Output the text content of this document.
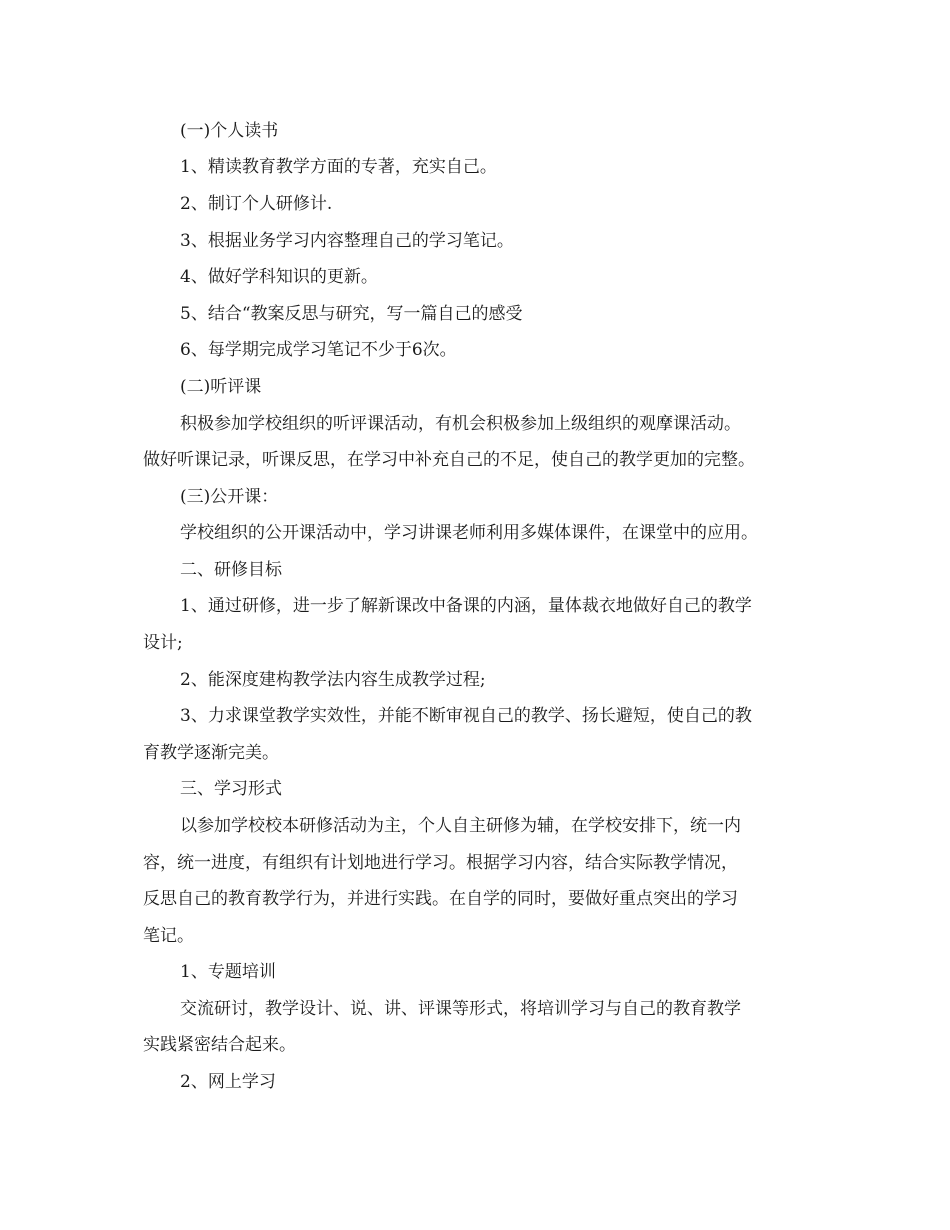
(一)个人读书

1、精读教育教学方面的专著，充实自己。

2、制订个人研修计.

3、根据业务学习内容整理自己的学习笔记。

4、做好学科知识的更新。

5、结合“教案反思与研究，写一篇自己的感受

6、每学期完成学习笔记不少于6次。

(二)听评课

积极参加学校组织的听评课活动，有机会积极参加上级组织的观摩课活动。

做好听课记录，听课反思，在学习中补充自己的不足，使自己的教学更加的完整。

(三)公开课：

学校组织的公开课活动中，学习讲课老师利用多媒体课件，在课堂中的应用。

二、研修目标

1、通过研修，进一步了解新课改中备课的内涵，量体裁衣地做好自己的教学

设计;

2、能深度建构教学法内容生成教学过程;

3、力求课堂教学实效性，并能不断审视自己的教学、扬长避短，使自己的教

育教学逐渐完美。

三、学习形式

以参加学校校本研修活动为主，个人自主研修为辅，在学校安排下，统一内

容，统一进度，有组织有计划地进行学习。根据学习内容，结合实际教学情况，

反思自己的教育教学行为，并进行实践。在自学的同时，要做好重点突出的学习

笔记。

1、专题培训

交流研讨，教学设计、说、讲、评课等形式，将培训学习与自己的教育教学

实践紧密结合起来。

2、网上学习
